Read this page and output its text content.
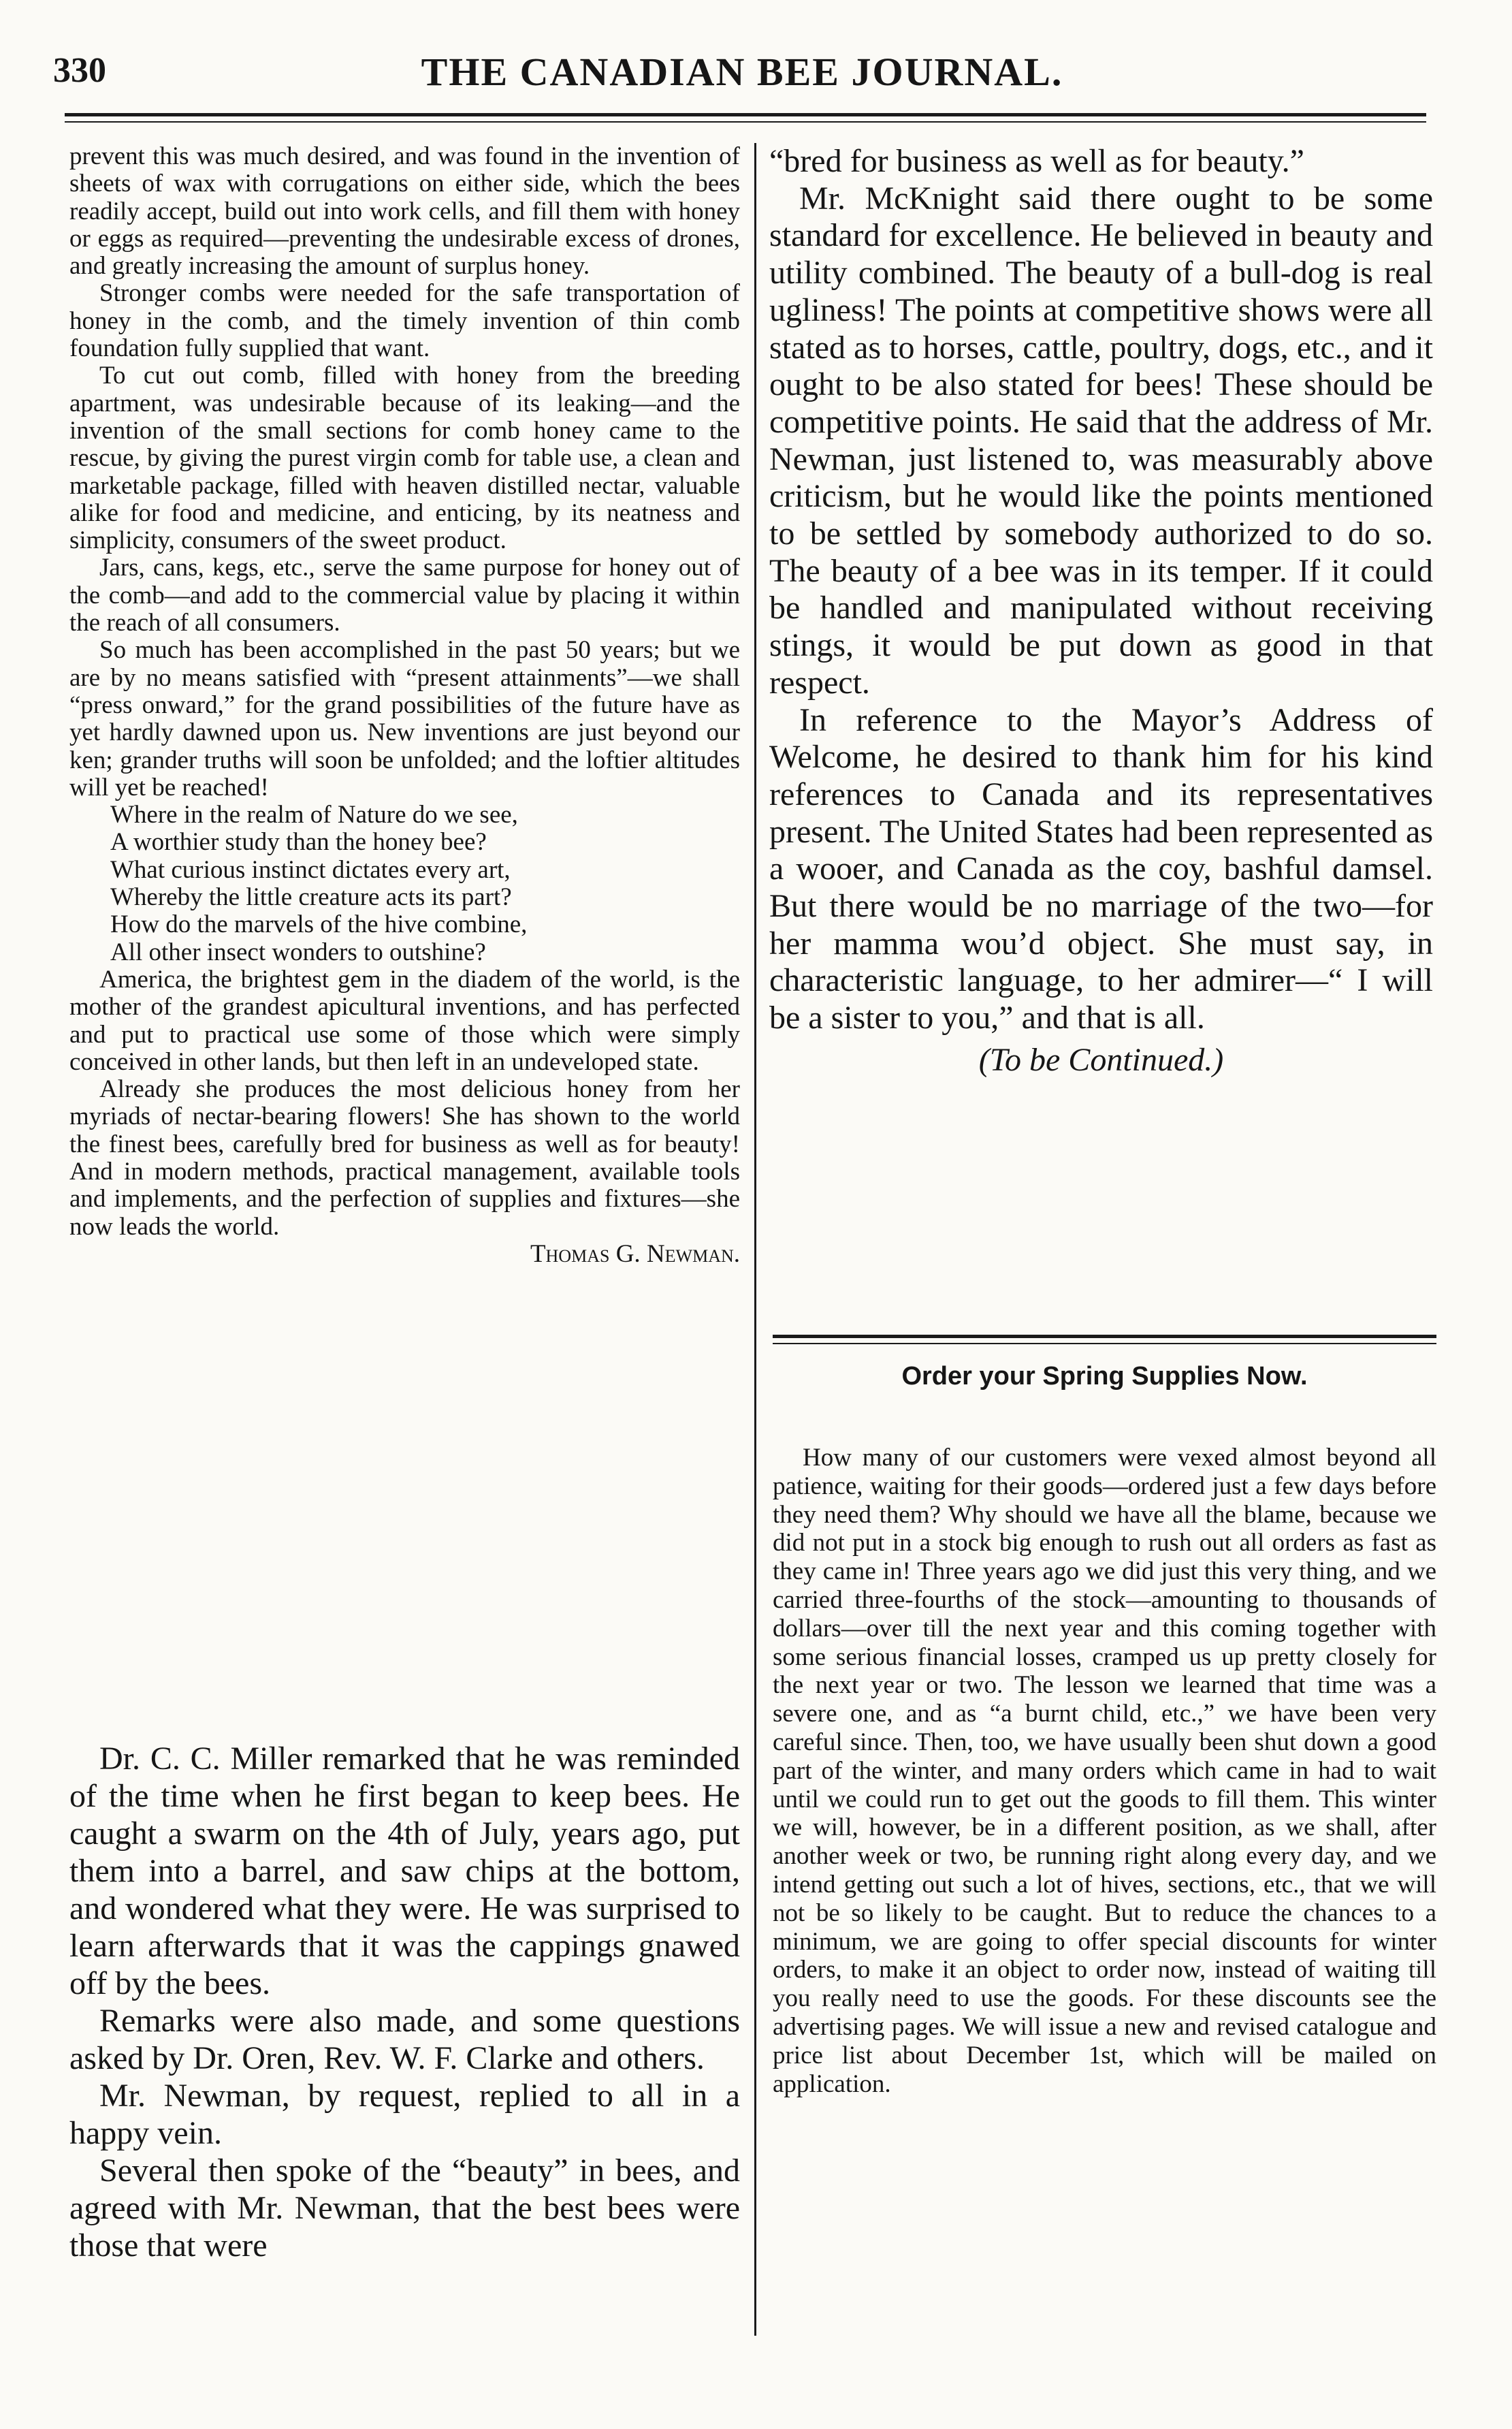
330	THE CANADIAN BEE JOURNAL.

prevent this was much desired, and was found in the invention of sheets of wax with corrugations on either side, which the bees readily accept, build out into work cells, and fill them with honey or eggs as required—preventing the undesirable excess of drones, and greatly increasing the amount of surplus honey.

Stronger combs were needed for the safe transportation of honey in the comb, and the timely invention of thin comb foundation fully supplied that want.

To cut out comb, filled with honey from the breeding apartment, was undesirable because of its leaking—and the invention of the small sections for comb honey came to the rescue, by giving the purest virgin comb for table use, a clean and marketable package, filled with heaven distilled nectar, valuable alike for food and medicine, and enticing, by its neatness and simplicity, consumers of the sweet product.

Jars, cans, kegs, etc., serve the same purpose for honey out of the comb—and add to the commercial value by placing it within the reach of all consumers.

So much has been accomplished in the past 50 years; but we are by no means satisfied with “present attainments”—we shall “press onward,” for the grand possibilities of the future have as yet hardly dawned upon us. New inventions are just beyond our ken; grander truths will soon be unfolded; and the loftier altitudes will yet be reached!

Where in the realm of Nature do we see,
A worthier study than the honey bee?
What curious instinct dictates every art,
Whereby the little creature acts its part?
How do the marvels of the hive combine,
All other insect wonders to outshine?

America, the brightest gem in the diadem of the world, is the mother of the grandest apicultural inventions, and has perfected and put to practical use some of those which were simply conceived in other lands, but then left in an undeveloped state.

Already she produces the most delicious honey from her myriads of nectar-bearing flowers! She has shown to the world the finest bees, carefully bred for business as well as for beauty! And in modern methods, practical management, available tools and implements, and the perfection of supplies and fixtures—she now leads the world.

Thomas G. Newman.

Dr. C. C. Miller remarked that he was reminded of the time when he first began to keep bees. He caught a swarm on the 4th of July, years ago, put them into a barrel, and saw chips at the bottom, and wondered what they were. He was surprised to learn afterwards that it was the cappings gnawed off by the bees.

Remarks were also made, and some questions asked by Dr. Oren, Rev. W. F. Clarke and others.

Mr. Newman, by request, replied to all in a happy vein.

Several then spoke of the “beauty” in bees, and agreed with Mr. Newman, that the best bees were those that were

“bred for business as well as for beauty.”

Mr. McKnight said there ought to be some standard for excellence. He believed in beauty and utility combined. The beauty of a bull-dog is real ugliness! The points at competitive shows were all stated as to horses, cattle, poultry, dogs, etc., and it ought to be also stated for bees! These should be competitive points. He said that the address of Mr. Newman, just listened to, was measurably above criticism, but he would like the points mentioned to be settled by somebody authorized to do so. The beauty of a bee was in its temper. If it could be handled and manipulated without receiving stings, it would be put down as good in that respect.

In reference to the Mayor’s Address of Welcome, he desired to thank him for his kind references to Canada and its representatives present. The United States had been represented as a wooer, and Canada as the coy, bashful damsel. But there would be no marriage of the two—for her mamma wou’d object. She must say, in characteristic language, to her admirer—“ I will be a sister to you,” and that is all.

(To be Continued.)
Order your Spring Supplies Now.

How many of our customers were vexed almost beyond all patience, waiting for their goods—ordered just a few days before they need them? Why should we have all the blame, because we did not put in a stock big enough to rush out all orders as fast as they came in! Three years ago we did just this very thing, and we carried three-fourths of the stock—amounting to thousands of dollars—over till the next year and this coming together with some serious financial losses, cramped us up pretty closely for the next year or two. The lesson we learned that time was a severe one, and as “a burnt child, etc.,” we have been very careful since. Then, too, we have usually been shut down a good part of the winter, and many orders which came in had to wait until we could run to get out the goods to fill them. This winter we will, however, be in a different position, as we shall, after another week or two, be running right along every day, and we intend getting out such a lot of hives, sections, etc., that we will not be so likely to be caught. But to reduce the chances to a minimum, we are going to offer special discounts for winter orders, to make it an object to order now, instead of waiting till you really need to use the goods. For these discounts see the advertising pages. We will issue a new and revised catalogue and price list about December 1st, which will be mailed on application.
